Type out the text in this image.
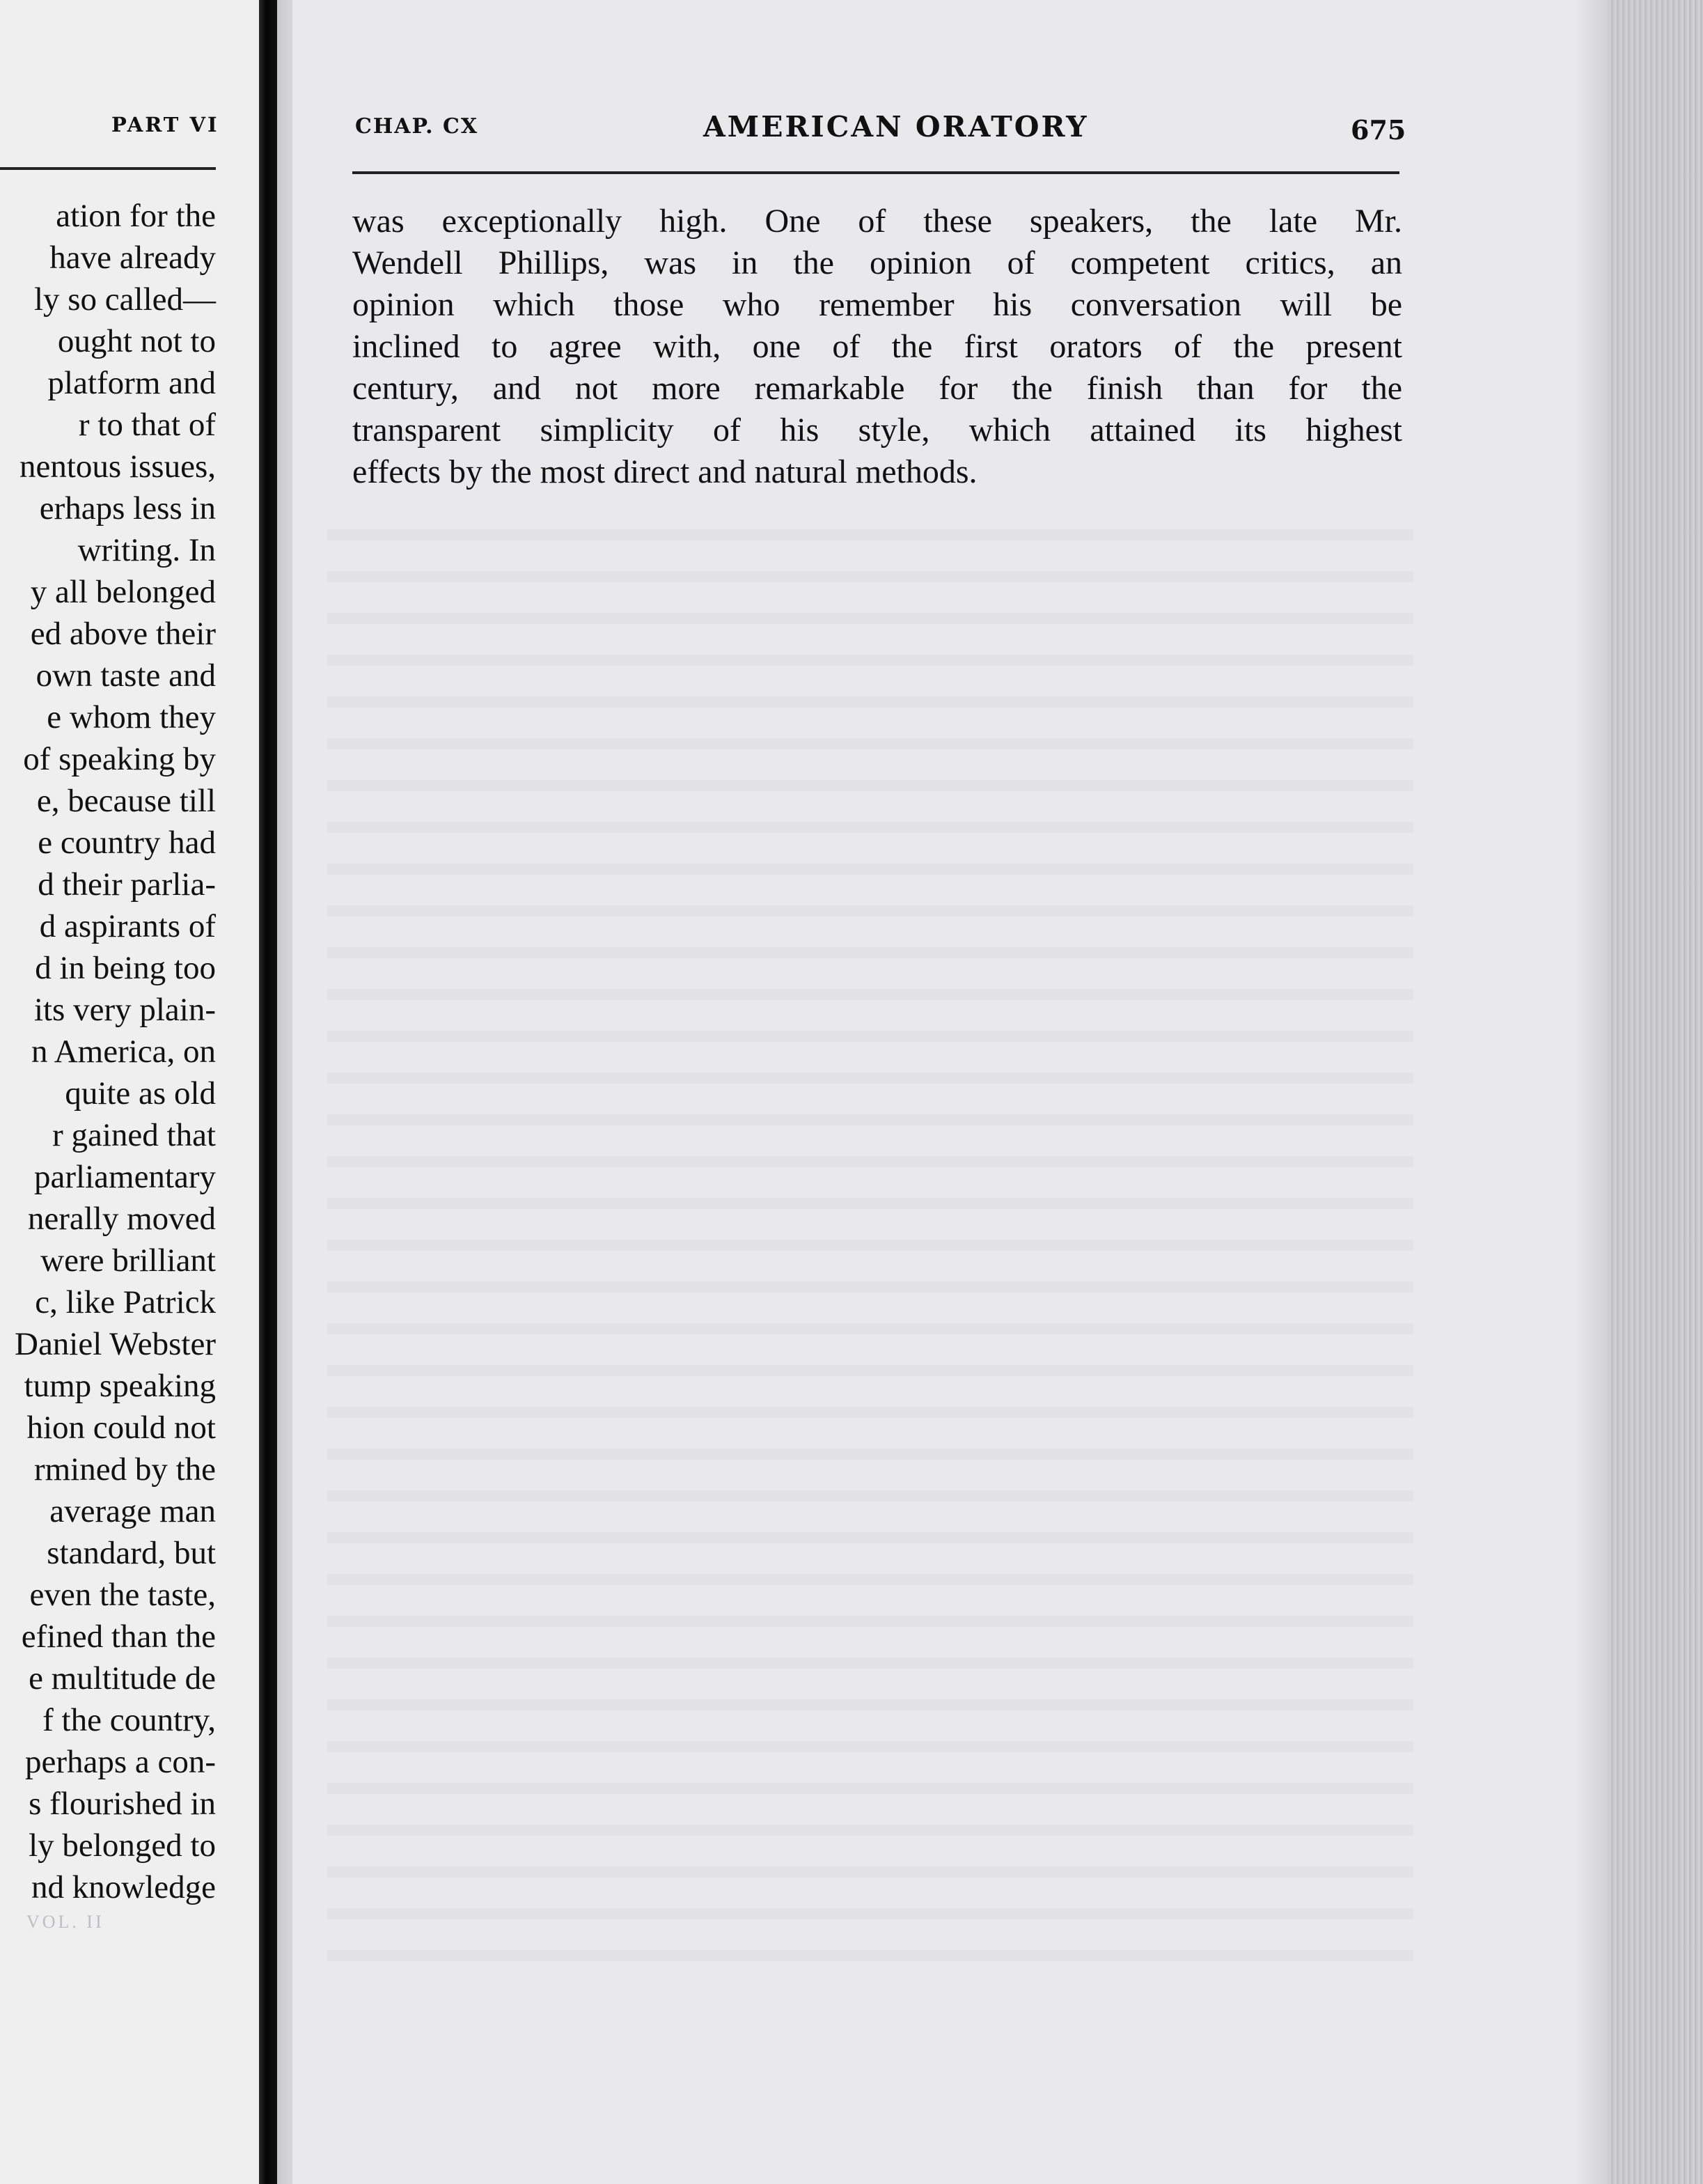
PART VI
ation for the
have already
ly so called—
ought not to
platform and
r to that of
nentous issues,
erhaps less in
writing. In
y all belonged
ed above their
own taste and
e whom they
of speaking by
e, because till
e country had
d their parlia-
d aspirants of
d in being too
its very plain-
n America, on
quite as old
r gained that
parliamentary
nerally moved
were brilliant
c, like Patrick
Daniel Webster
tump speaking
hion could not
rmined by the
average man
standard, but
even the taste,
efined than the
e multitude de
f the country,
perhaps a con-
s flourished in
ly belonged to
nd knowledge
VOL. II
CHAP. CX	AMERICAN ORATORY	675
was exceptionally high. One of these speakers, the late Mr.
Wendell Phillips, was in the opinion of competent critics, an
opinion which those who remember his conversation will be
inclined to agree with, one of the first orators of the present
century, and not more remarkable for the finish than for the
transparent simplicity of his style, which attained its highest
effects by the most direct and natural methods.
